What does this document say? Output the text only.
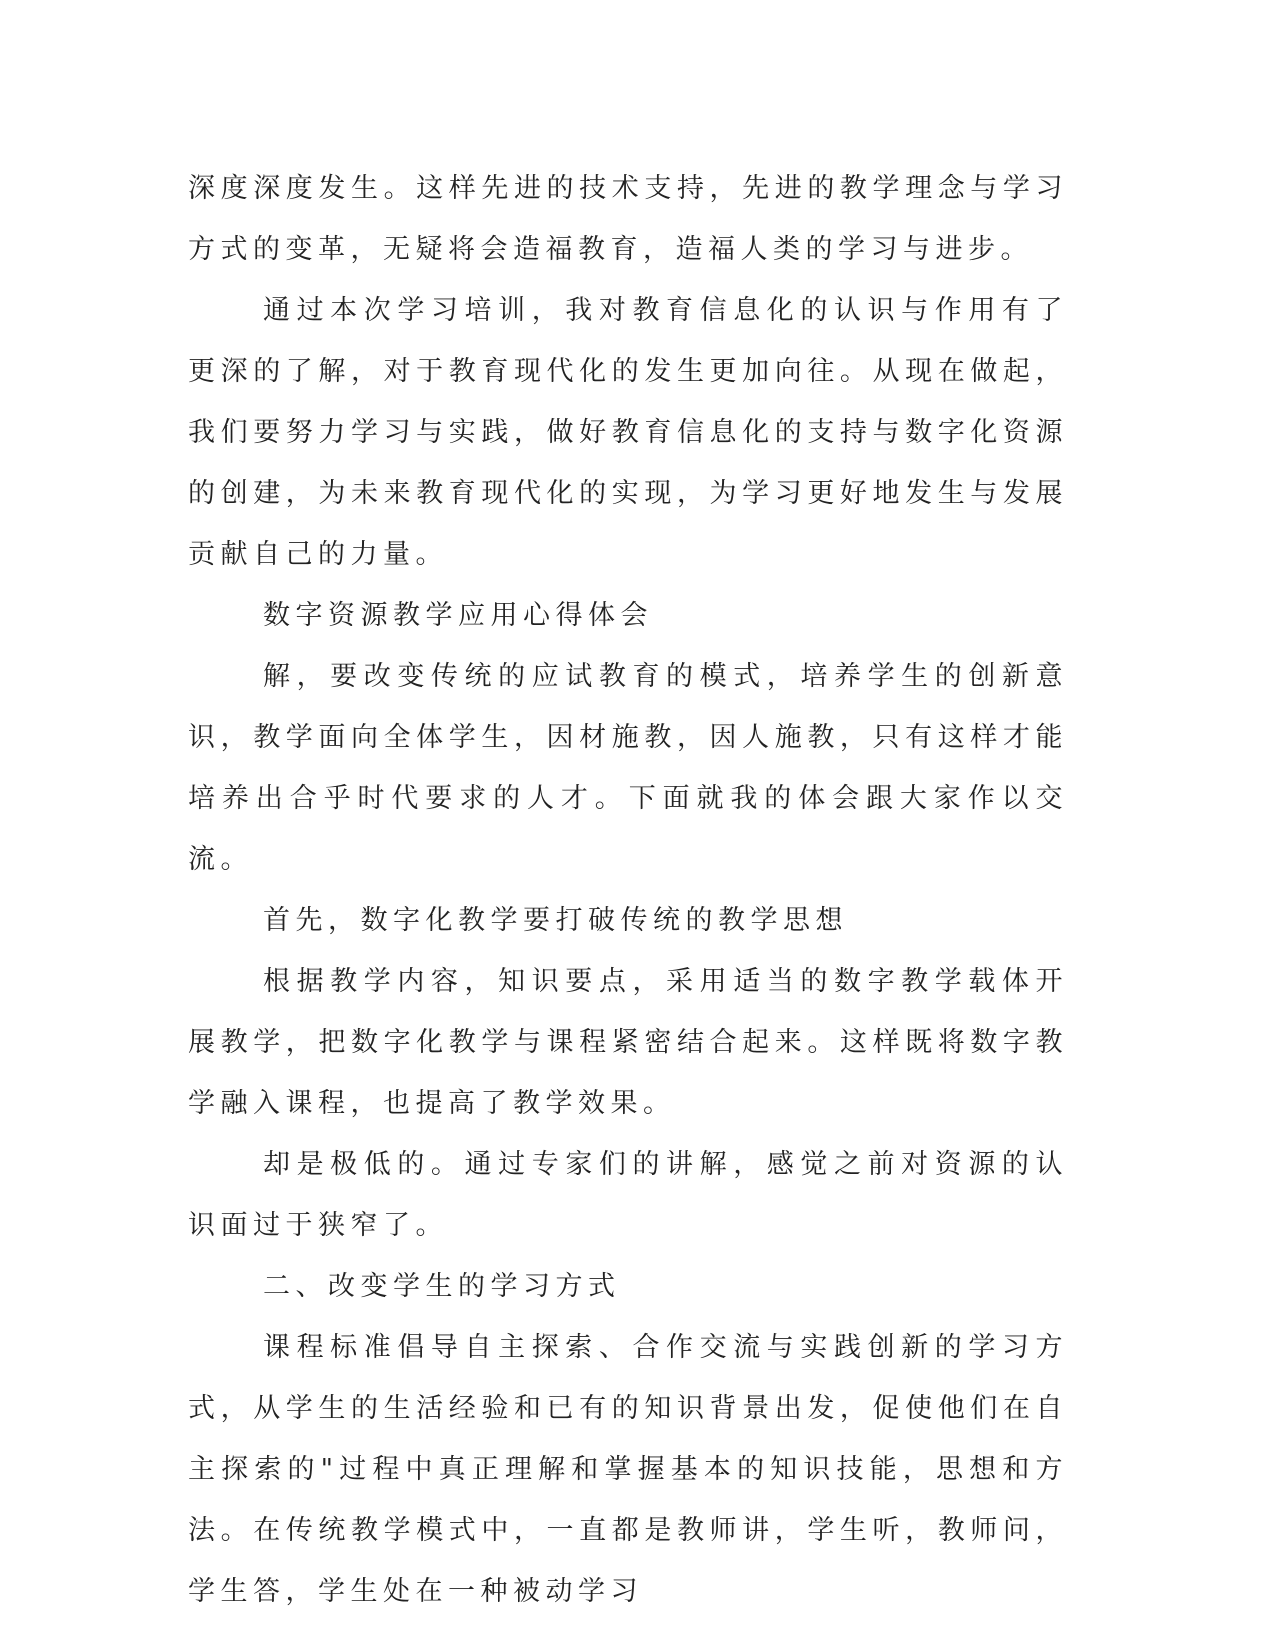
深度深度发生。这样先进的技术支持，先进的教学理念与学习方式的变革，无疑将会造福教育，造福人类的学习与进步。

通过本次学习培训，我对教育信息化的认识与作用有了更深的了解，对于教育现代化的发生更加向往。从现在做起，我们要努力学习与实践，做好教育信息化的支持与数字化资源的创建，为未来教育现代化的实现，为学习更好地发生与发展贡献自己的力量。

数字资源教学应用心得体会

解，要改变传统的应试教育的模式，培养学生的创新意识，教学面向全体学生，因材施教，因人施教，只有这样才能培养出合乎时代要求的人才。下面就我的体会跟大家作以交流。

首先，数字化教学要打破传统的教学思想

根据教学内容，知识要点，采用适当的数字教学载体开展教学，把数字化教学与课程紧密结合起来。这样既将数字教学融入课程，也提高了教学效果。

却是极低的。通过专家们的讲解，感觉之前对资源的认识面过于狭窄了。

二、改变学生的学习方式

课程标准倡导自主探索、合作交流与实践创新的学习方式，从学生的生活经验和已有的知识背景出发，促使他们在自主探索的"过程中真正理解和掌握基本的知识技能，思想和方法。在传统教学模式中，一直都是教师讲，学生听，教师问，学生答，学生处在一种被动学习
